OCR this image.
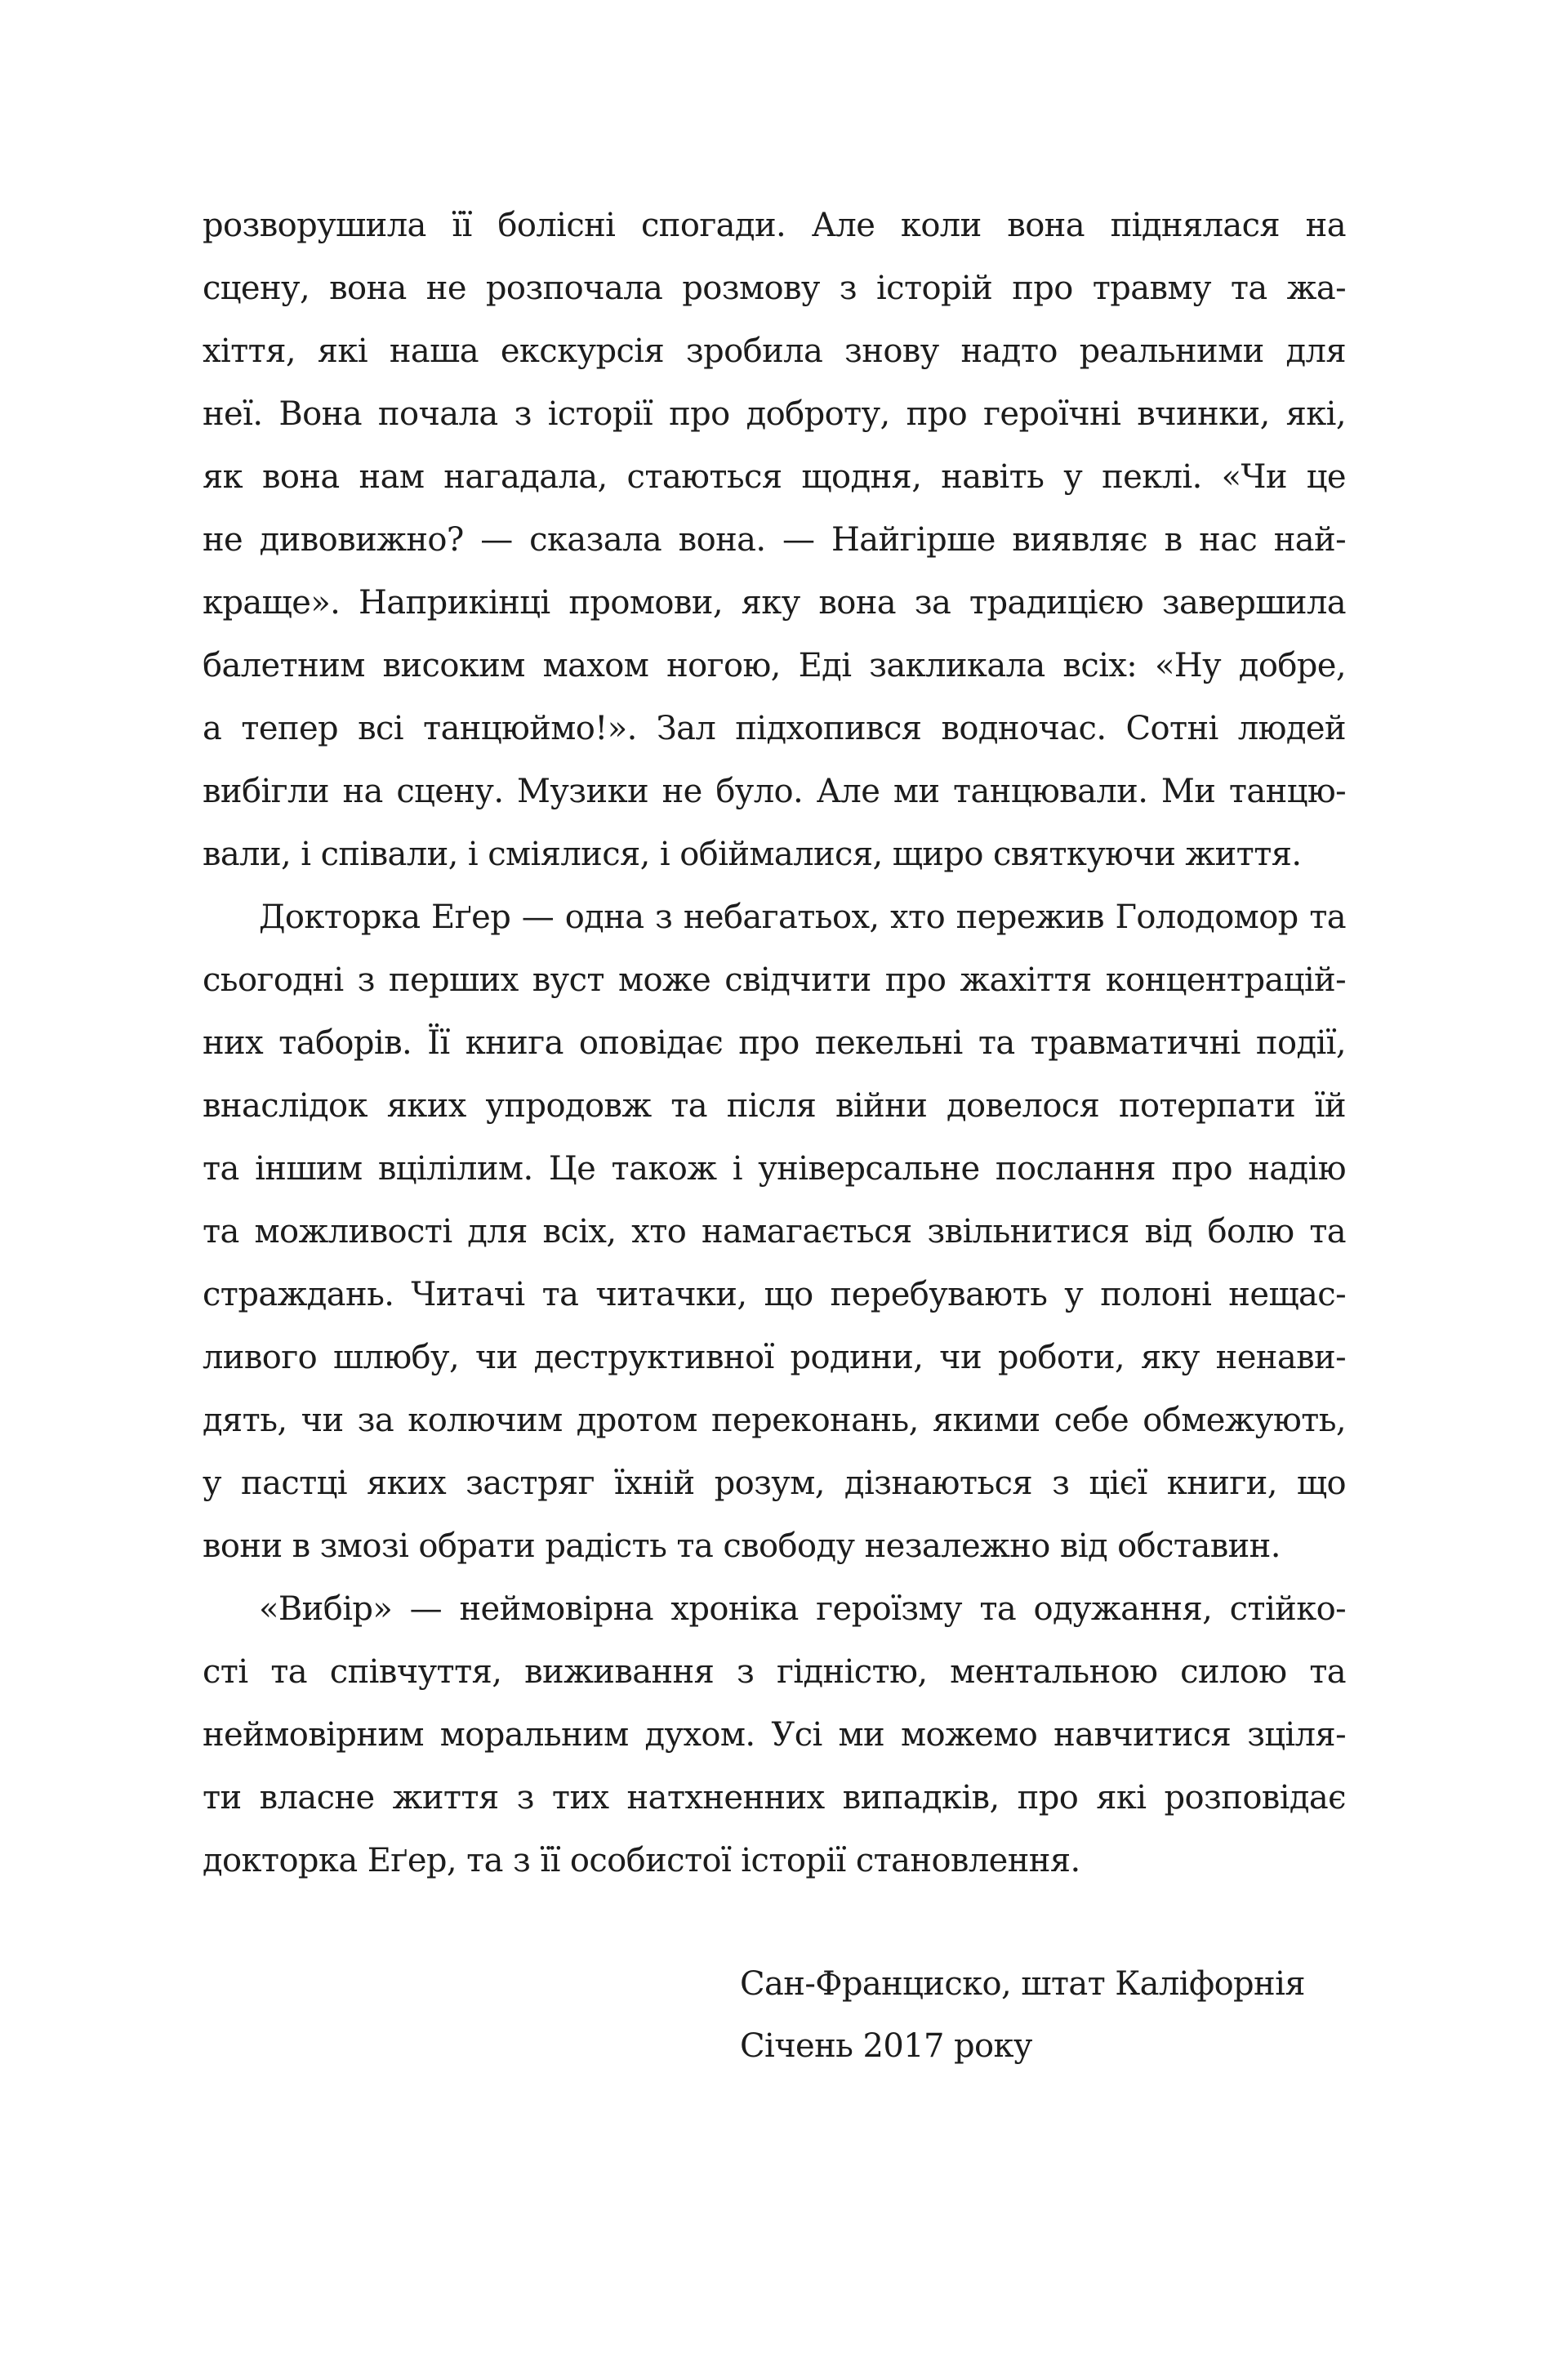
розворушила її болісні спогади. Але коли вона піднялася на
сцену, вона не розпочала розмову з історій про травму та жа-
хіття, які наша екскурсія зробила знову надто реальними для
неї. Вона почала з історії про доброту, про героїчні вчинки, які,
як вона нам нагадала, стаються щодня, навіть у пеклі. «Чи це
не дивовижно? — сказала вона. — Найгірше виявляє в нас най-
краще». Наприкінці промови, яку вона за традицією завершила
балетним високим махом ногою, Еді закликала всіх: «Ну добре,
а тепер всі танцюймо!». Зал підхопився водночас. Сотні людей
вибігли на сцену. Музики не було. Але ми танцювали. Ми танцю-
вали, і співали, і сміялися, і обіймалися, щиро святкуючи життя.
Докторка Еґер — одна з небагатьох, хто пережив Голодомор та
сьогодні з перших вуст може свідчити про жахіття концентрацій-
них таборів. Її книга оповідає про пекельні та травматичні події,
внаслідок яких упродовж та після війни довелося потерпати їй
та іншим вцілілим. Це також і універсальне послання про надію
та можливості для всіх, хто намагається звільнитися від болю та
страждань. Читачі та читачки, що перебувають у полоні нещас-
ливого шлюбу, чи деструктивної родини, чи роботи, яку ненави-
дять, чи за колючим дротом переконань, якими себе обмежують,
у пастці яких застряг їхній розум, дізнаються з цієї книги, що
вони в змозі обрати радість та свободу незалежно від обставин.
«Вибір» — неймовірна хроніка героїзму та одужання, стійко-
сті та співчуття, виживання з гідністю, ментальною силою та
неймовірним моральним духом. Усі ми можемо навчитися зціля-
ти власне життя з тих натхненних випадків, про які розповідає
докторка Еґер, та з її особистої історії становлення.
Сан-Франциско, штат Каліфорнія
Січень 2017 року
